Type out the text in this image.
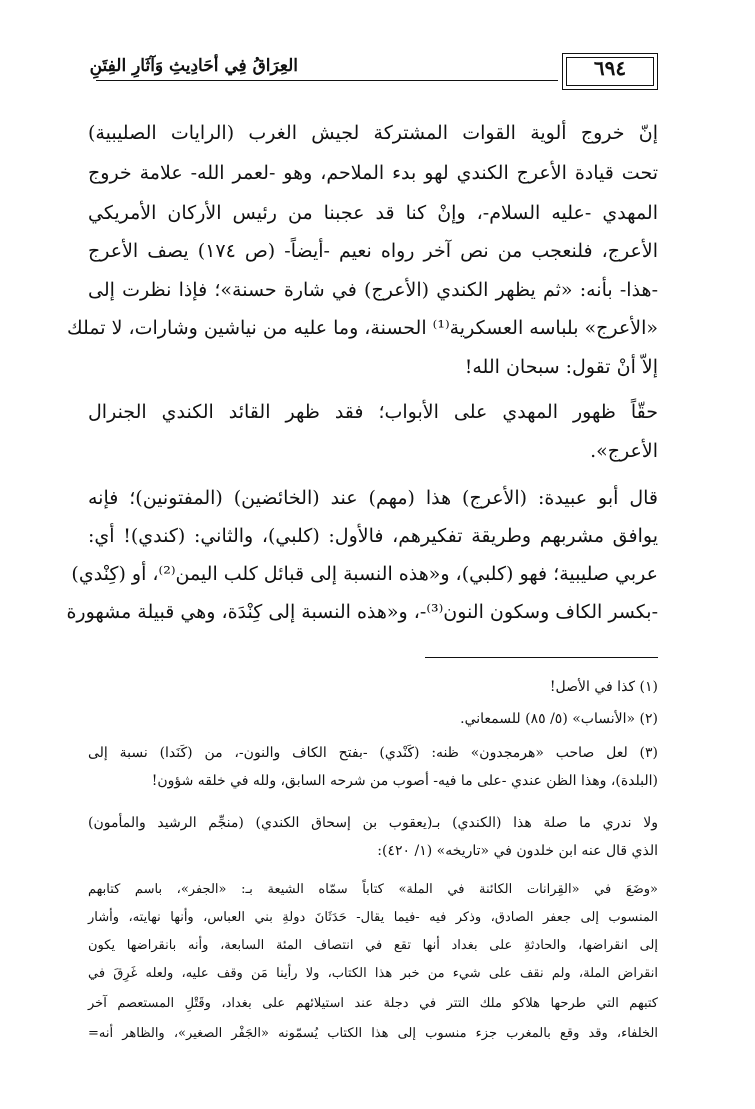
العِرَاقُ فِي أحَادِيثِ وَآثَارِ الفِتَنِ	٦٩٤
إنّ خروج ألوية القوات المشتركة لجيش الغرب (الرايات الصليبية)
تحت قيادة الأعرج الكندي لهو بدء الملاحم، وهو -لعمر الله- علامة خروج
المهدي -عليه السلام-، وإنْ كنا قد عجبنا من رئيس الأركان الأمريكي
الأعرج، فلنعجب من نص آخر رواه نعيم -أيضاً- (ص ١٧٤) يصف الأعرج
-هذا- بأنه: «ثم يظهر الكندي (الأعرج) في شارة حسنة»؛ فإذا نظرت إلى
«الأعرج» بلباسه العسكرية⁽¹⁾ الحسنة، وما عليه من نياشين وشارات، لا تملك
إلاّ أنْ تقول: سبحان الله!
حقّاً ظهور المهدي على الأبواب؛ فقد ظهر القائد الكندي الجنرال
الأعرج».
قال أبو عبيدة: (الأعرج) هذا (مهم) عند (الخائضين) (المفتونين)؛ فإنه
يوافق مشربهم وطريقة تفكيرهم، فالأول: (كلبي)، والثاني: (كندي)! أي:
عربي صليبية؛ فهو (كلبي)، و«هذه النسبة إلى قبائل كلب اليمن⁽²⁾، أو (كِنْدي)
-بكسر الكاف وسكون النون⁽³⁾-، و«هذه النسبة إلى كِنْدَة، وهي قبيلة مشهورة
(١) كذا في الأصل!
(٢) «الأنساب» (٥/ ٨٥) للسمعاني.
(٣) لعل صاحب «هرمجدون» ظنه: (كَنْدي) -بفتح الكاف والنون-، من (كَنَدا) نسبة إلى
(البلدة)، وهذا الظن عندي -على ما فيه- أصوب من شرحه السابق، ولله في خلقه شؤون!
ولا ندري ما صلة هذا (الكندي) بـ(يعقوب بن إسحاق الكندي) (منجِّم الرشيد والمأمون)
الذي قال عنه ابن خلدون في «تاريخه» (١/ ٤٢٠):
«وضَعَ في «القِرانات الكائنة في الملة» كتاباً سمّاه الشيعة بـ: «الجفر»، باسم كتابهم
المنسوب إلى جعفر الصادق، وذكر فيه -فيما يقال- حَدَثَانَ دولةِ بني العباس، وأنها نهايته، وأشار
إلى انقراضها، والحادثةِ على بغداد أنها تقع في انتصاف المئة السابعة، وأنه بانقراضها يكون
انقراض الملة، ولم نقف على شيء من خبر هذا الكتاب، ولا رأينا مَن وقف عليه، ولعله غَرِقَ في
كتبهم التي طرحها هلاكو ملك التتر في دجلة عند استيلائهم على بغداد، وقَتْلِ المستعصم آخر
الخلفاء، وقد وقع بالمغرب جزء منسوب إلى هذا الكتاب يُسمّونه «الجَفْر الصغير»، والظاهر أنه=
